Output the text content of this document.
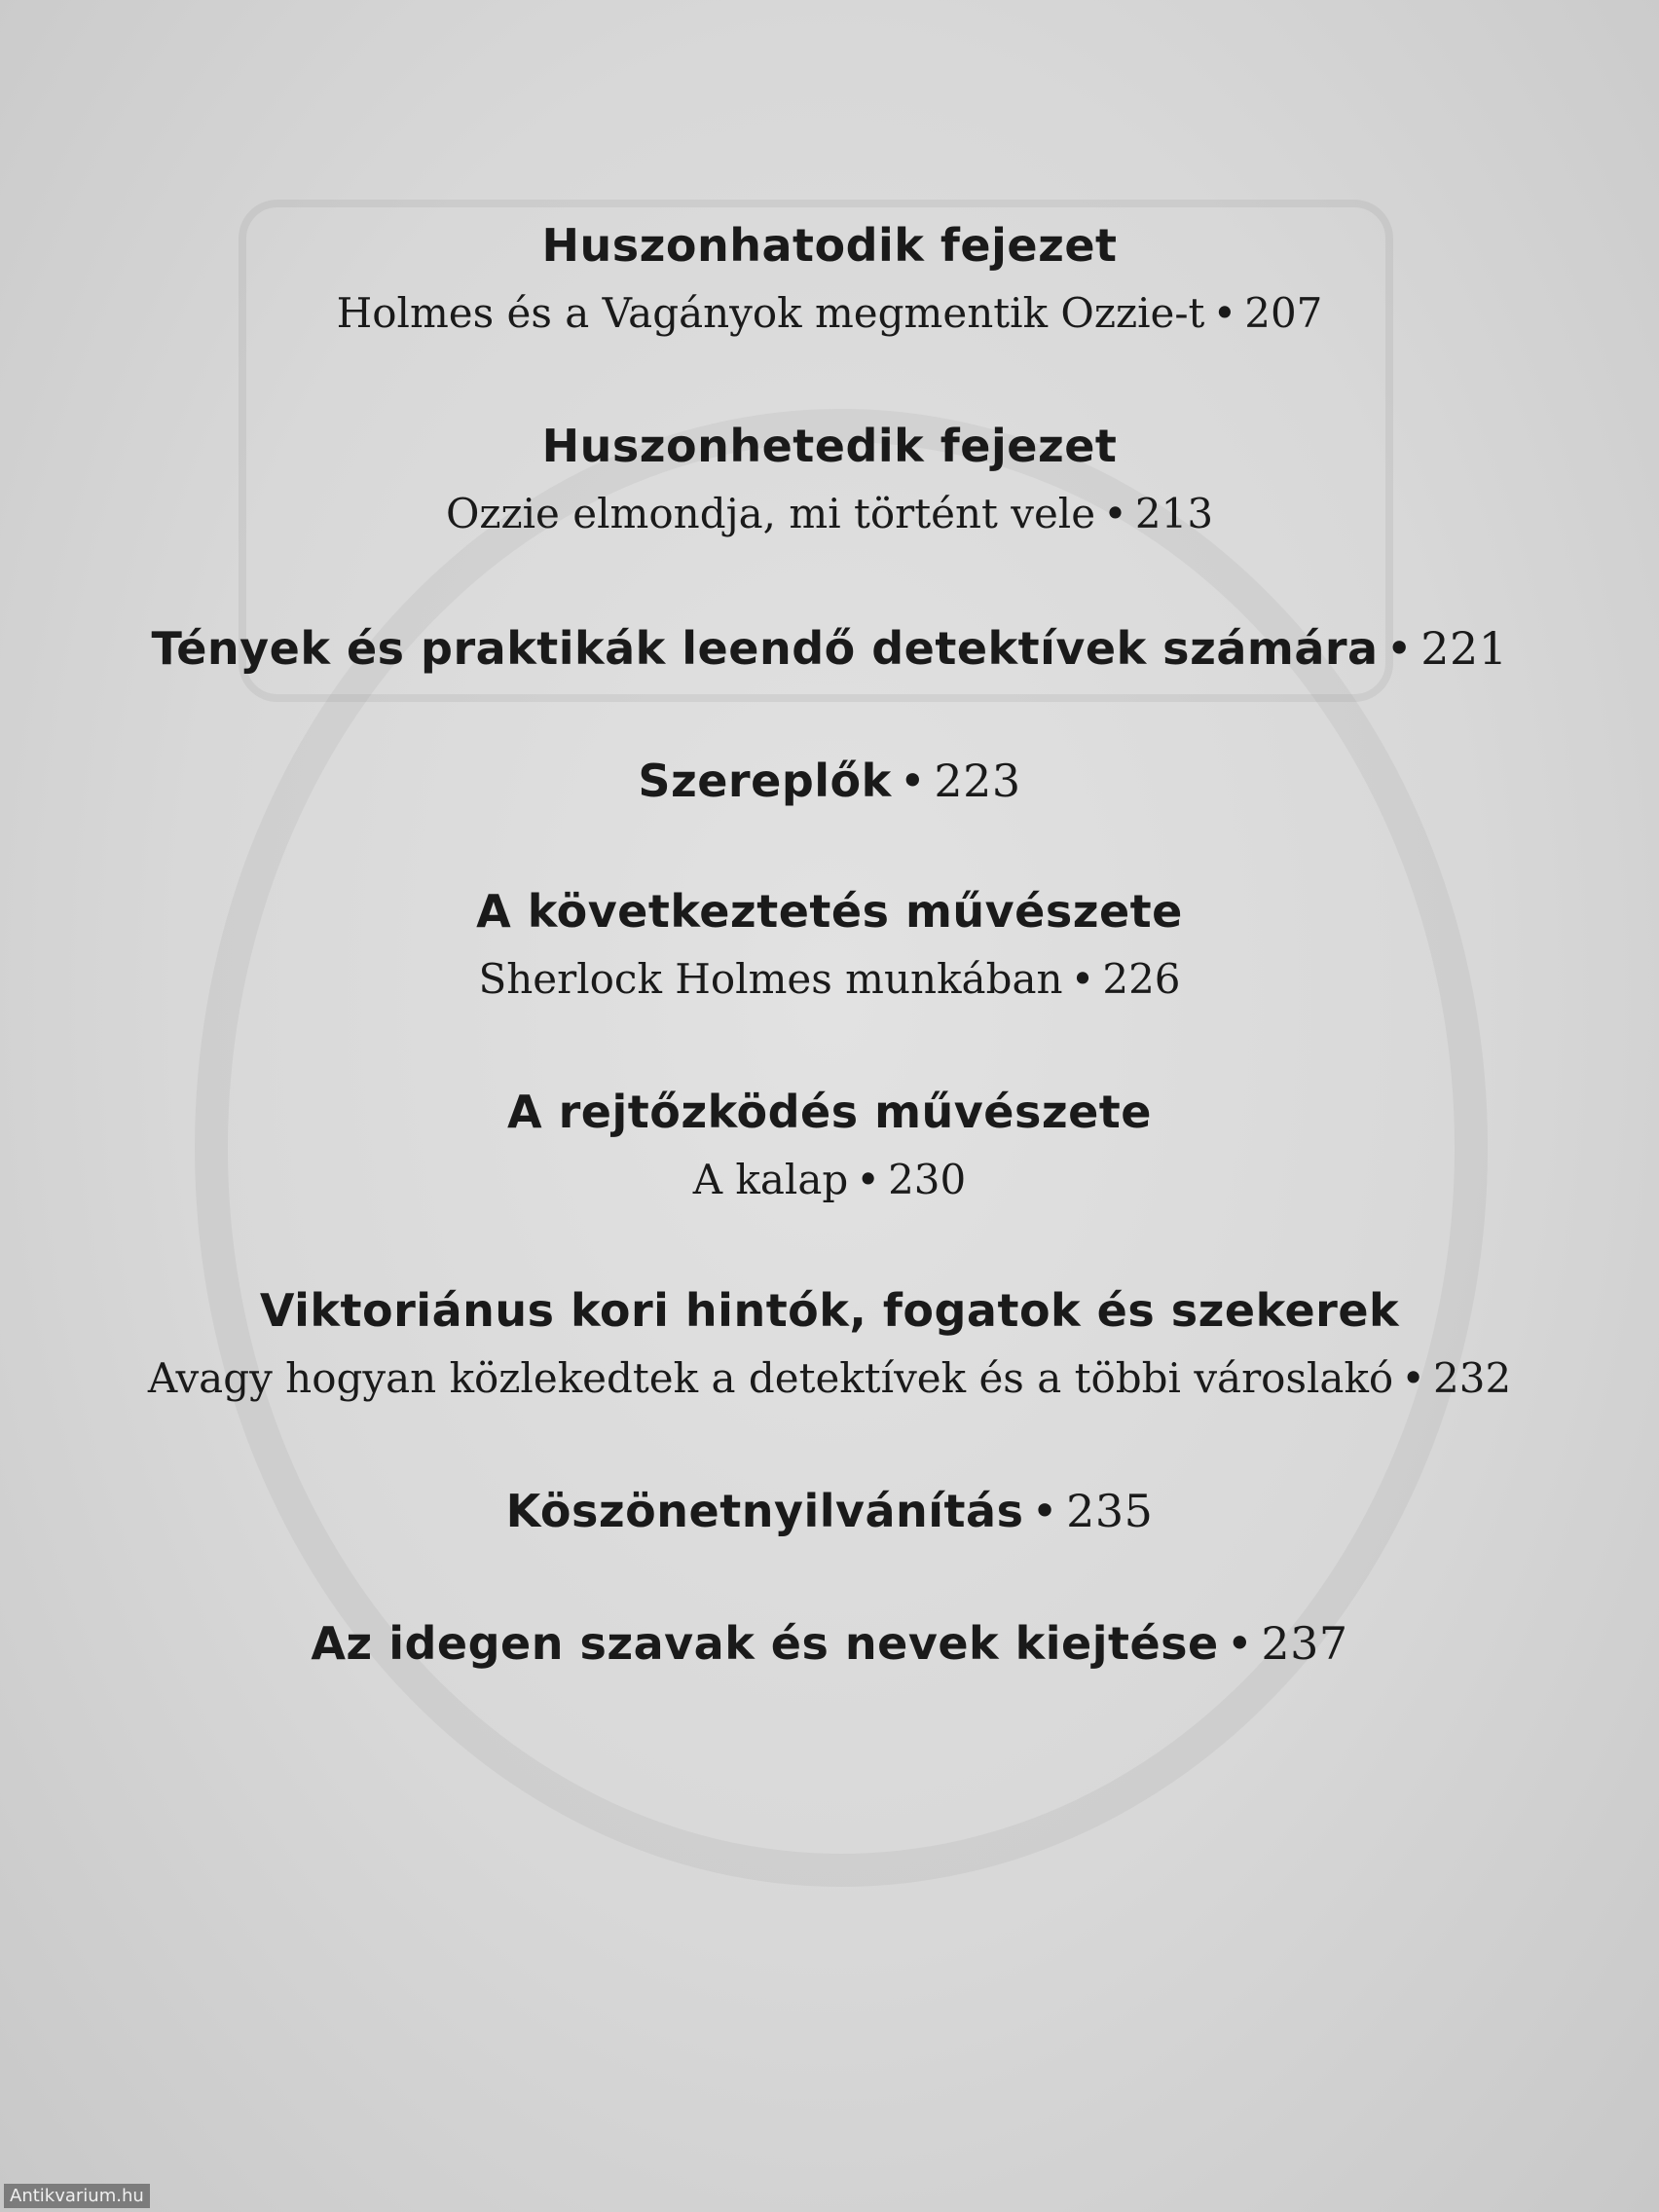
Huszonhatodik fejezet
Holmes és a Vagányok megmentik Ozzie-t • 207
Huszonhetedik fejezet
Ozzie elmondja, mi történt vele • 213
Tények és praktikák leendő detektívek számára • 221
Szereplők • 223
A következtetés művészete
Sherlock Holmes munkában • 226
A rejtőzködés művészete
A kalap • 230
Viktoriánus kori hintók, fogatok és szekerek
Avagy hogyan közlekedtek a detektívek és a többi városlakó • 232
Köszönetnyilvánítás • 235
Az idegen szavak és nevek kiejtése • 237
Antikvarium.hu
